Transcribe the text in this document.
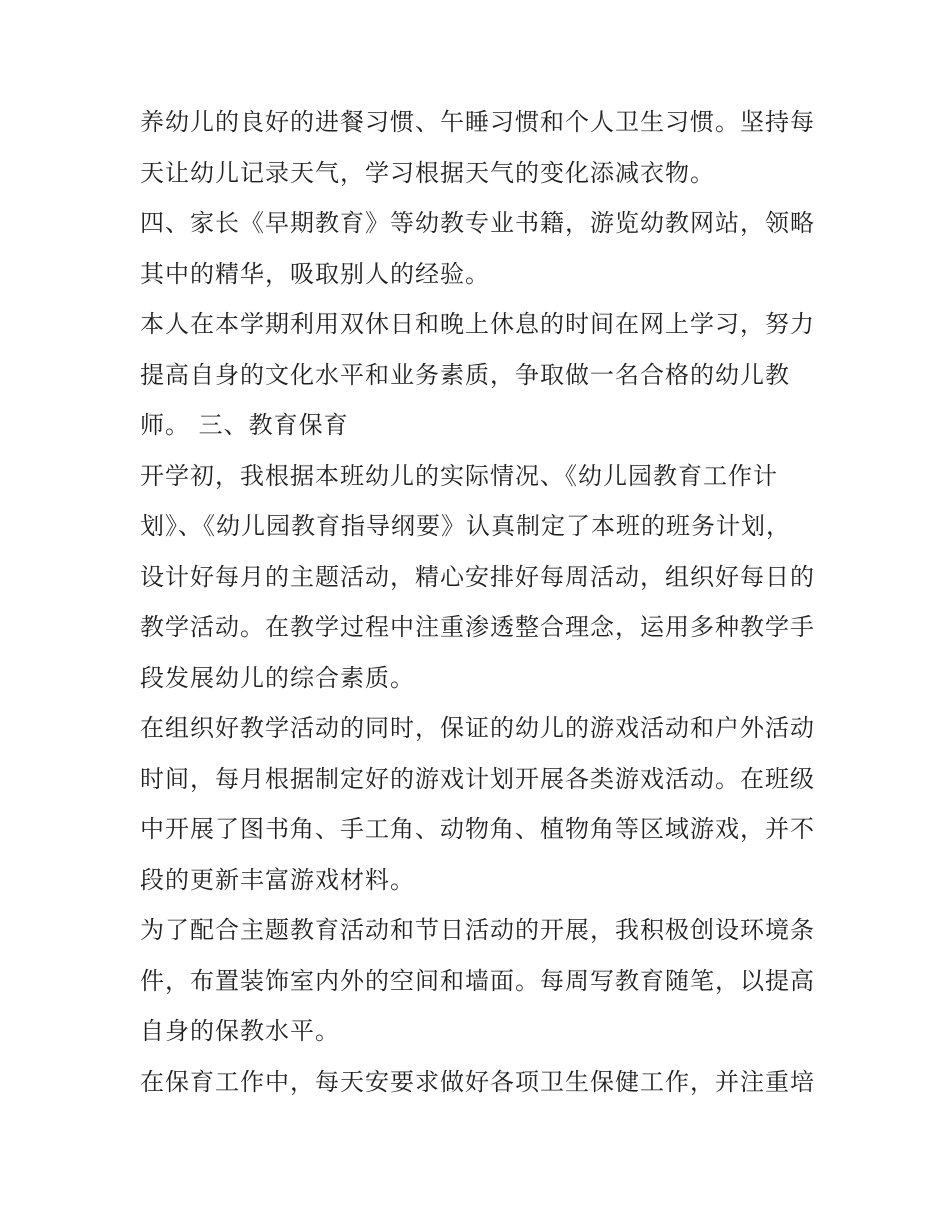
养幼儿的良好的进餐习惯、午睡习惯和个人卫生习惯。坚持每
天让幼儿记录天气，学习根据天气的变化添减衣物。
四、家长《早期教育》等幼教专业书籍，游览幼教网站，领略
其中的精华，吸取别人的经验。
本人在本学期利用双休日和晚上休息的时间在网上学习，努力
提高自身的文化水平和业务素质，争取做一名合格的幼儿教
师。 三、教育保育
开学初，我根据本班幼儿的实际情况、《幼儿园教育工作计
划》、《幼儿园教育指导纲要》认真制定了本班的班务计划，
设计好每月的主题活动，精心安排好每周活动，组织好每日的
教学活动。在教学过程中注重渗透整合理念，运用多种教学手
段发展幼儿的综合素质。
在组织好教学活动的同时，保证的幼儿的游戏活动和户外活动
时间，每月根据制定好的游戏计划开展各类游戏活动。在班级
中开展了图书角、手工角、动物角、植物角等区域游戏，并不
段的更新丰富游戏材料。
为了配合主题教育活动和节日活动的开展，我积极创设环境条
件，布置装饰室内外的空间和墙面。每周写教育随笔，以提高
自身的保教水平。
在保育工作中，每天安要求做好各项卫生保健工作，并注重培
